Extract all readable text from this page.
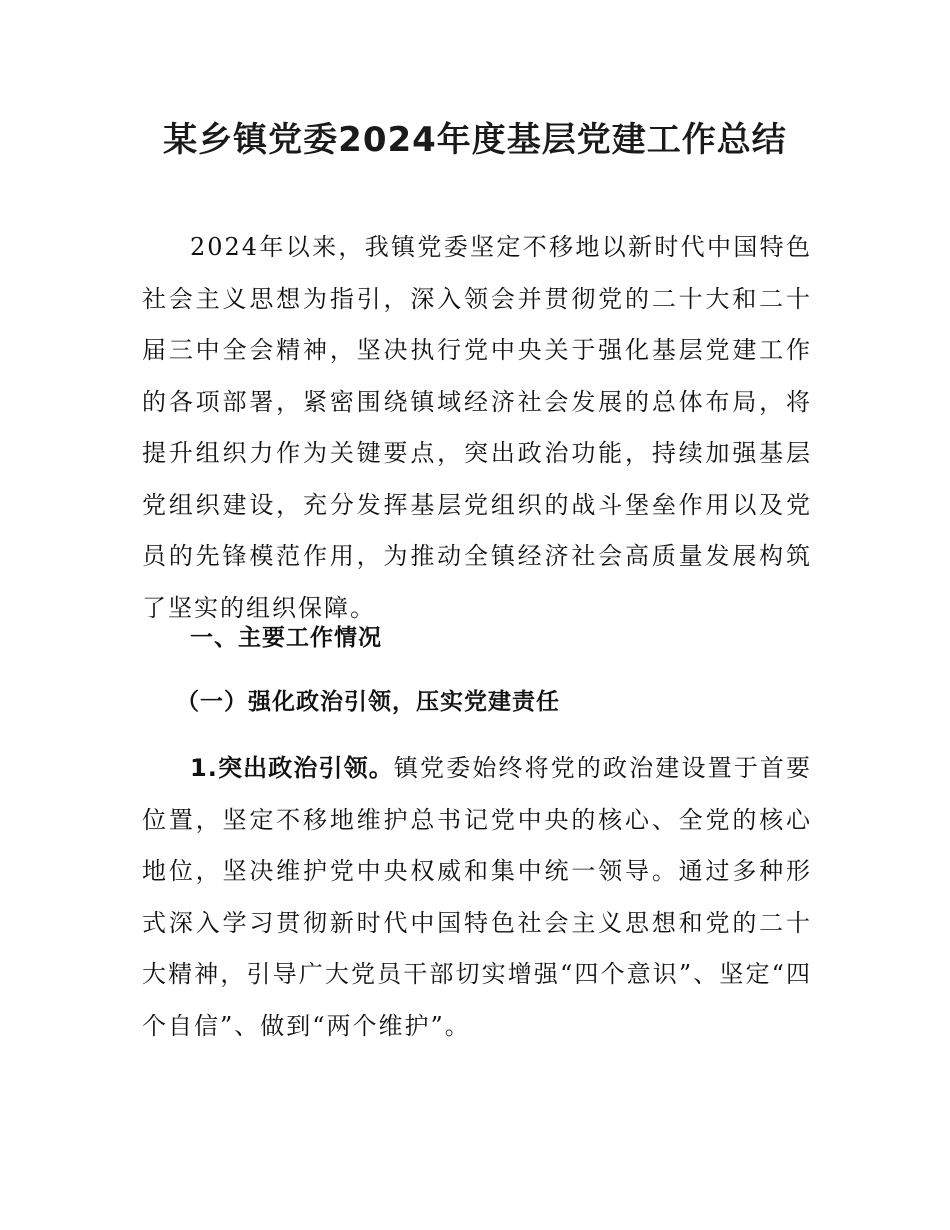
某乡镇党委2024年度基层党建工作总结

2024年以来，我镇党委坚定不移地以新时代中国特色社会主义思想为指引，深入领会并贯彻党的二十大和二十届三中全会精神，坚决执行党中央关于强化基层党建工作的各项部署，紧密围绕镇域经济社会发展的总体布局，将提升组织力作为关键要点，突出政治功能，持续加强基层党组织建设，充分发挥基层党组织的战斗堡垒作用以及党员的先锋模范作用，为推动全镇经济社会高质量发展构筑了坚实的组织保障。

一、主要工作情况
（一）强化政治引领，压实党建责任

1.突出政治引领。镇党委始终将党的政治建设置于首要位置，坚定不移地维护总书记党中央的核心、全党的核心地位，坚决维护党中央权威和集中统一领导。通过多种形式深入学习贯彻新时代中国特色社会主义思想和党的二十大精神，引导广大党员干部切实增强“四个意识”、坚定“四个自信”、做到“两个维护”。
